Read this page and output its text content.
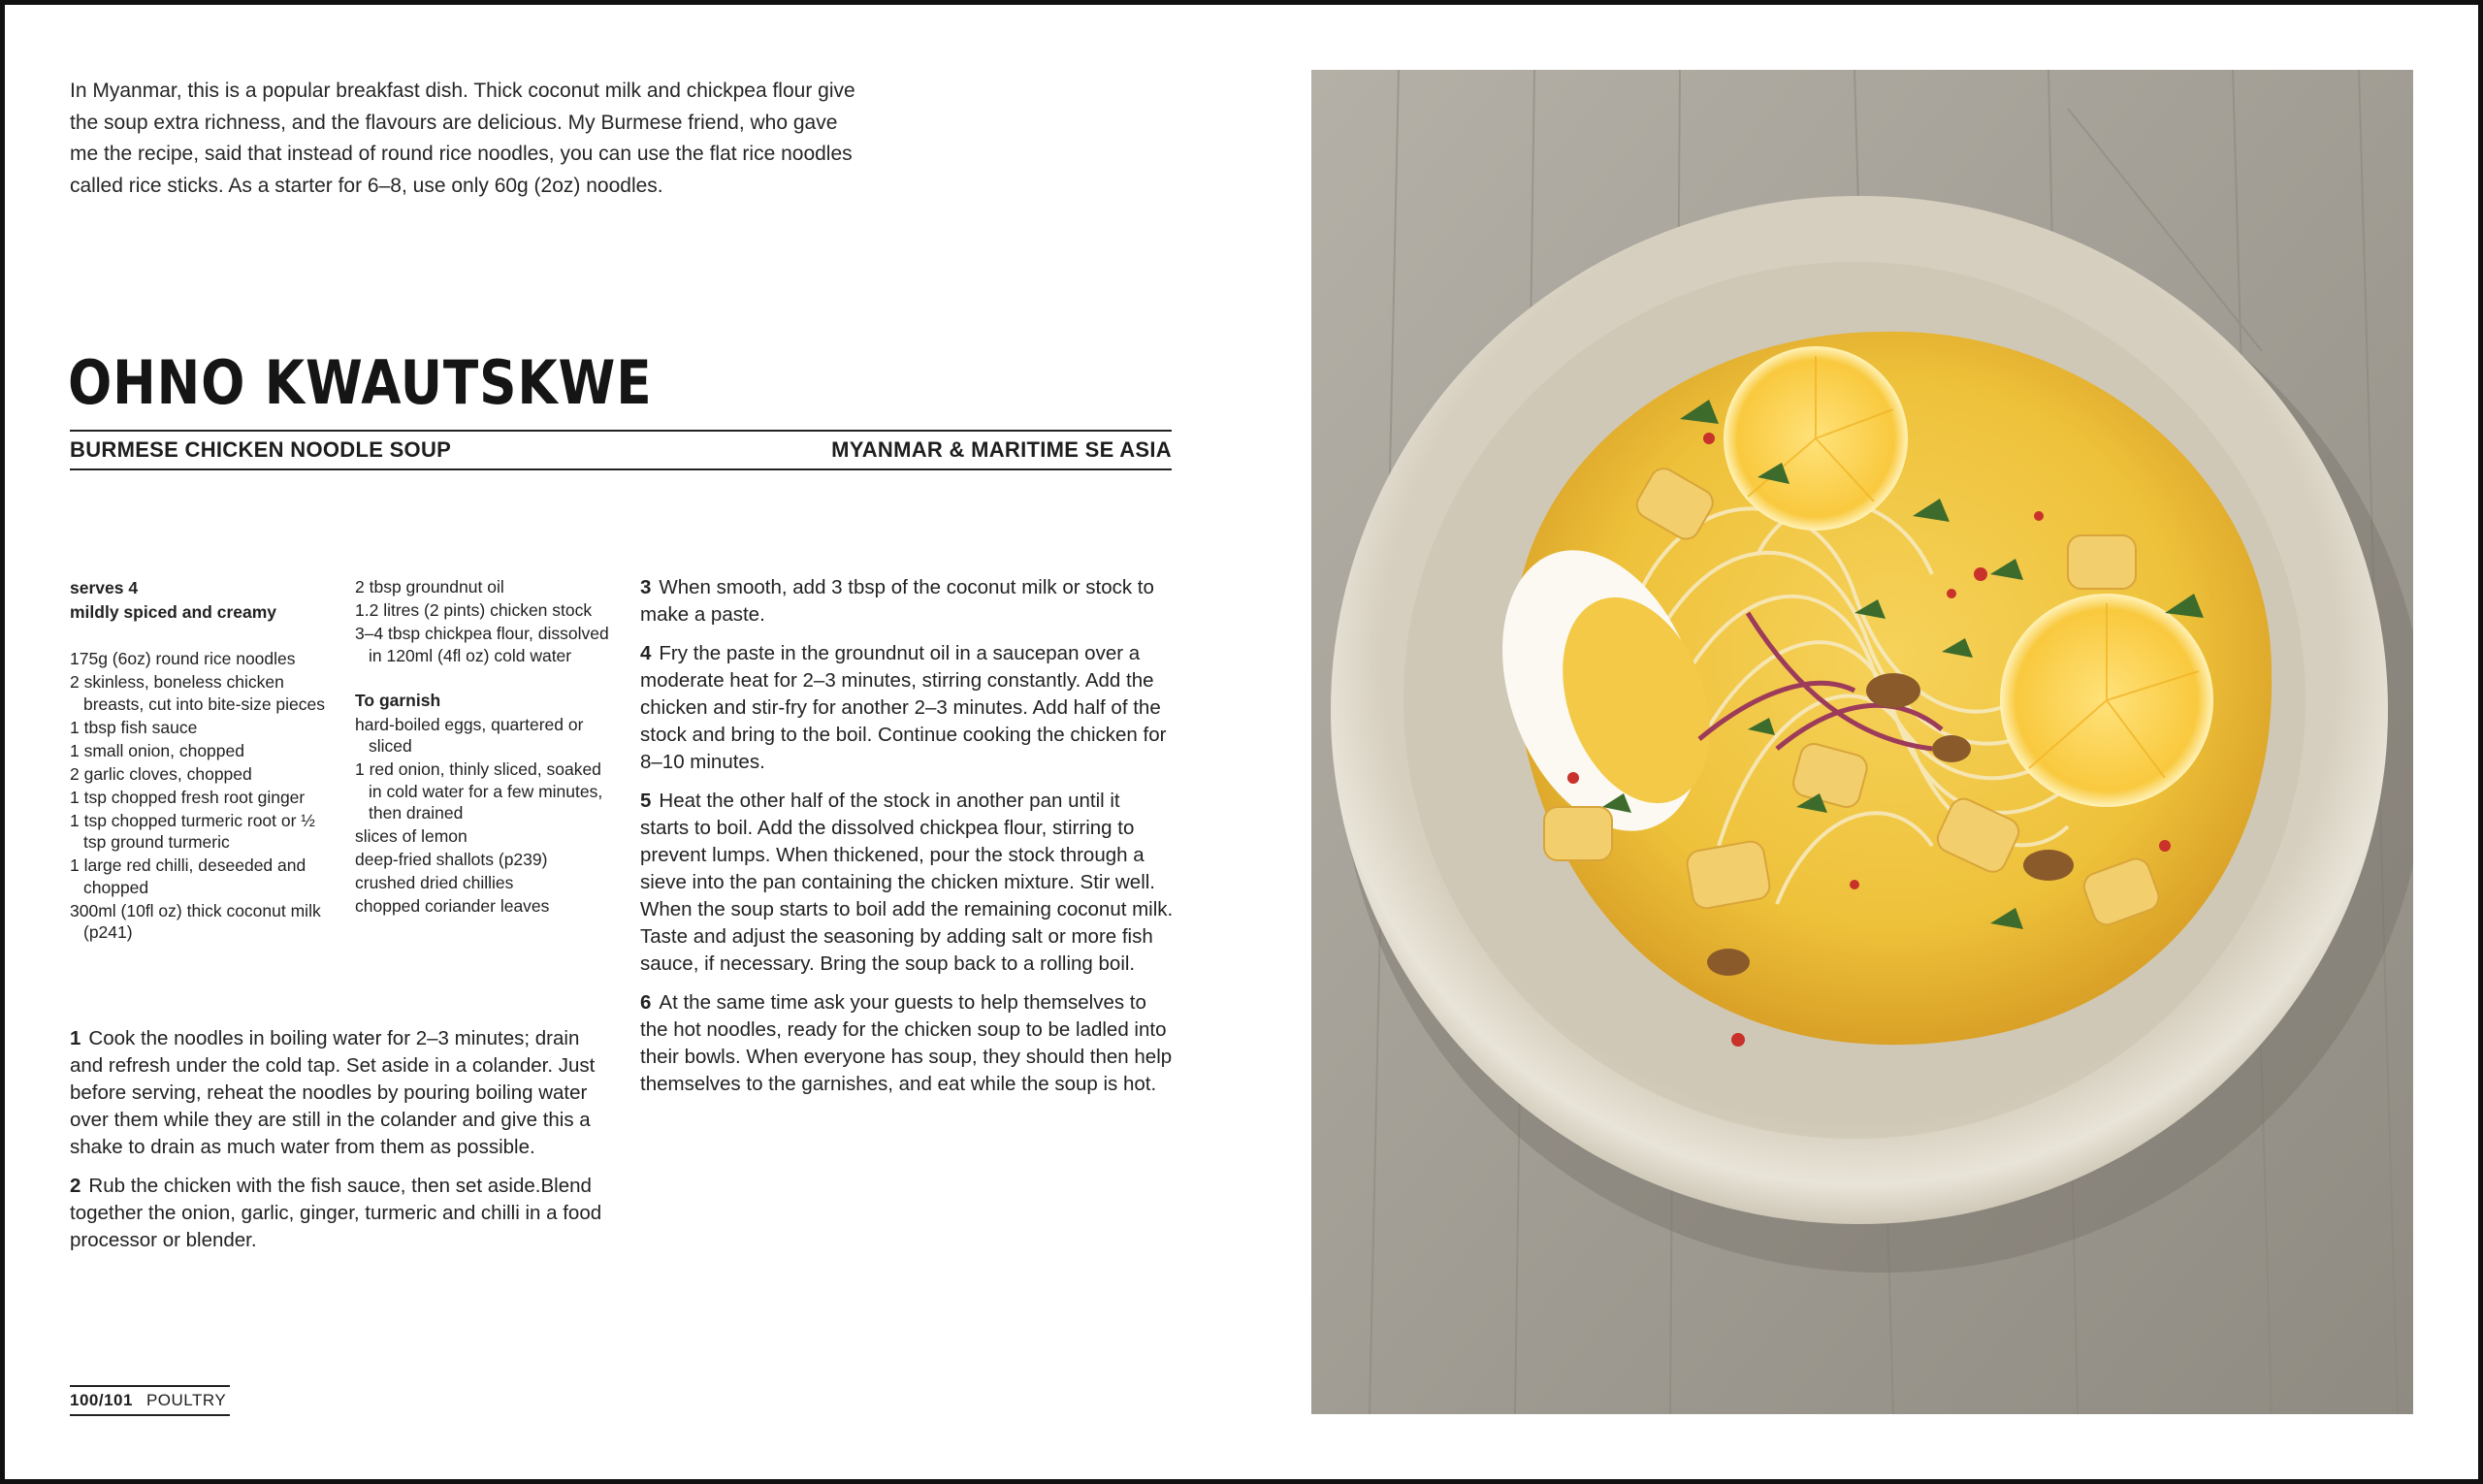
In Myanmar, this is a popular breakfast dish. Thick coconut milk and chickpea flour give the soup extra richness, and the flavours are delicious. My Burmese friend, who gave me the recipe, said that instead of round rice noodles, you can use the flat rice noodles called rice sticks. As a starter for 6–8, use only 60g (2oz) noodles.

OHNO KWAUTSKWE
BURMESE CHICKEN NOODLE SOUP	MYANMAR & MARITIME SE ASIA
serves 4
mildly spiced and creamy
175g (6oz) round rice noodles
2 skinless, boneless chicken breasts, cut into bite-size pieces
1 tbsp fish sauce
1 small onion, chopped
2 garlic cloves, chopped
1 tsp chopped fresh root ginger
1 tsp chopped turmeric root or ½ tsp ground turmeric
1 large red chilli, deseeded and chopped
300ml (10fl oz) thick coconut milk (p241)
2 tbsp groundnut oil
1.2 litres (2 pints) chicken stock
3–4 tbsp chickpea flour, dissolved in 120ml (4fl oz) cold water
To garnish
hard-boiled eggs, quartered or sliced
1 red onion, thinly sliced, soaked in cold water for a few minutes, then drained
slices of lemon
deep-fried shallots (p239)
crushed dried chillies
chopped coriander leaves

1 Cook the noodles in boiling water for 2–3 minutes; drain and refresh under the cold tap. Set aside in a colander. Just before serving, reheat the noodles by pouring boiling water over them while they are still in the colander and give this a shake to drain as much water from them as possible.

2 Rub the chicken with the fish sauce, then set aside.Blend together the onion, garlic, ginger, turmeric and chilli in a food processor or blender.

3 When smooth, add 3 tbsp of the coconut milk or stock to make a paste.

4 Fry the paste in the groundnut oil in a saucepan over a moderate heat for 2–3 minutes, stirring constantly. Add the chicken and stir-fry for another 2–3 minutes. Add half of the stock and bring to the boil. Continue cooking the chicken for 8–10 minutes.

5 Heat the other half of the stock in another pan until it starts to boil. Add the dissolved chickpea flour, stirring to prevent lumps. When thickened, pour the stock through a sieve into the pan containing the chicken mixture. Stir well. When the soup starts to boil add the remaining coconut milk. Taste and adjust the seasoning by adding salt or more fish sauce, if necessary. Bring the soup back to a rolling boil.

6 At the same time ask your guests to help themselves to the hot noodles, ready for the chicken soup to be ladled into their bowls. When everyone has soup, they should then help themselves to the garnishes, and eat while the soup is hot.

100/101 POULTRY
